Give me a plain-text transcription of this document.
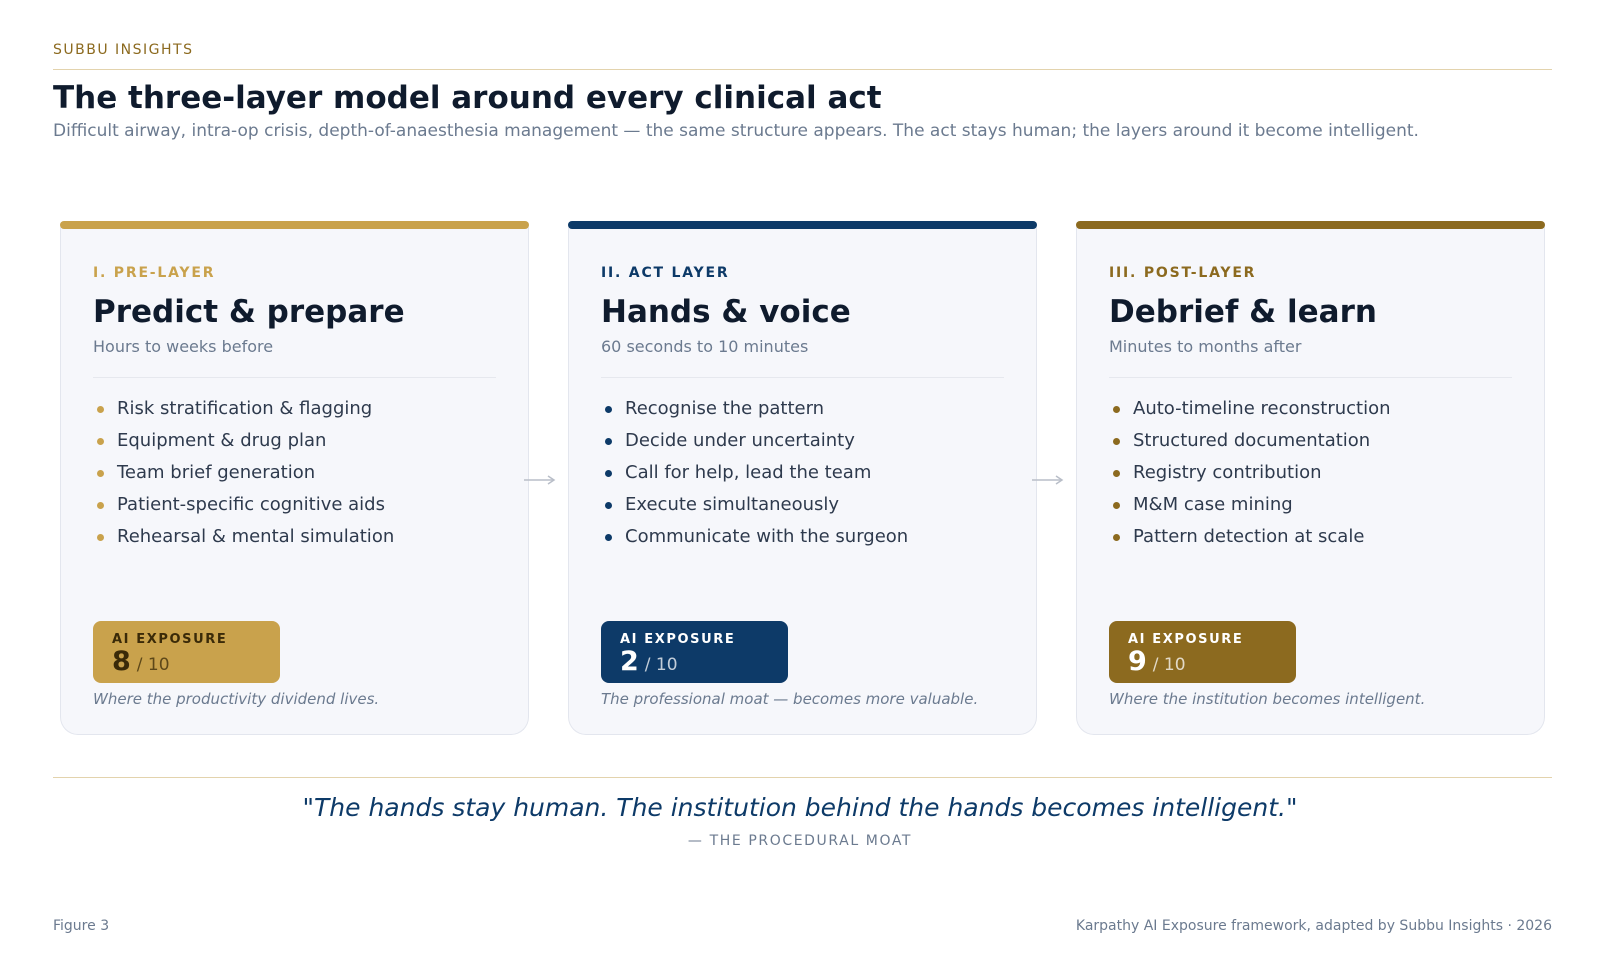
SUBBU INSIGHTS
The three-layer model around every clinical act

Difficult airway, intra-op crisis, depth-of-anaesthesia management — the same structure appears. The act stays human; the layers around it become intelligent.

I. PRE-LAYER
Predict & prepare
Hours to weeks before
Risk stratification & flagging
Equipment & drug plan
Team brief generation
Patient-specific cognitive aids
Rehearsal & mental simulation
AI EXPOSURE
8 / 10
Where the productivity dividend lives.
II. ACT LAYER
Hands & voice
60 seconds to 10 minutes
Recognise the pattern
Decide under uncertainty
Call for help, lead the team
Execute simultaneously
Communicate with the surgeon
AI EXPOSURE
2 / 10
The professional moat — becomes more valuable.
III. POST-LAYER
Debrief & learn
Minutes to months after
Auto-timeline reconstruction
Structured documentation
Registry contribution
M&M case mining
Pattern detection at scale
AI EXPOSURE
9 / 10
Where the institution becomes intelligent.
"The hands stay human. The institution behind the hands becomes intelligent."
— THE PROCEDURAL MOAT
Figure 3	Karpathy AI Exposure framework, adapted by Subbu Insights · 2026
